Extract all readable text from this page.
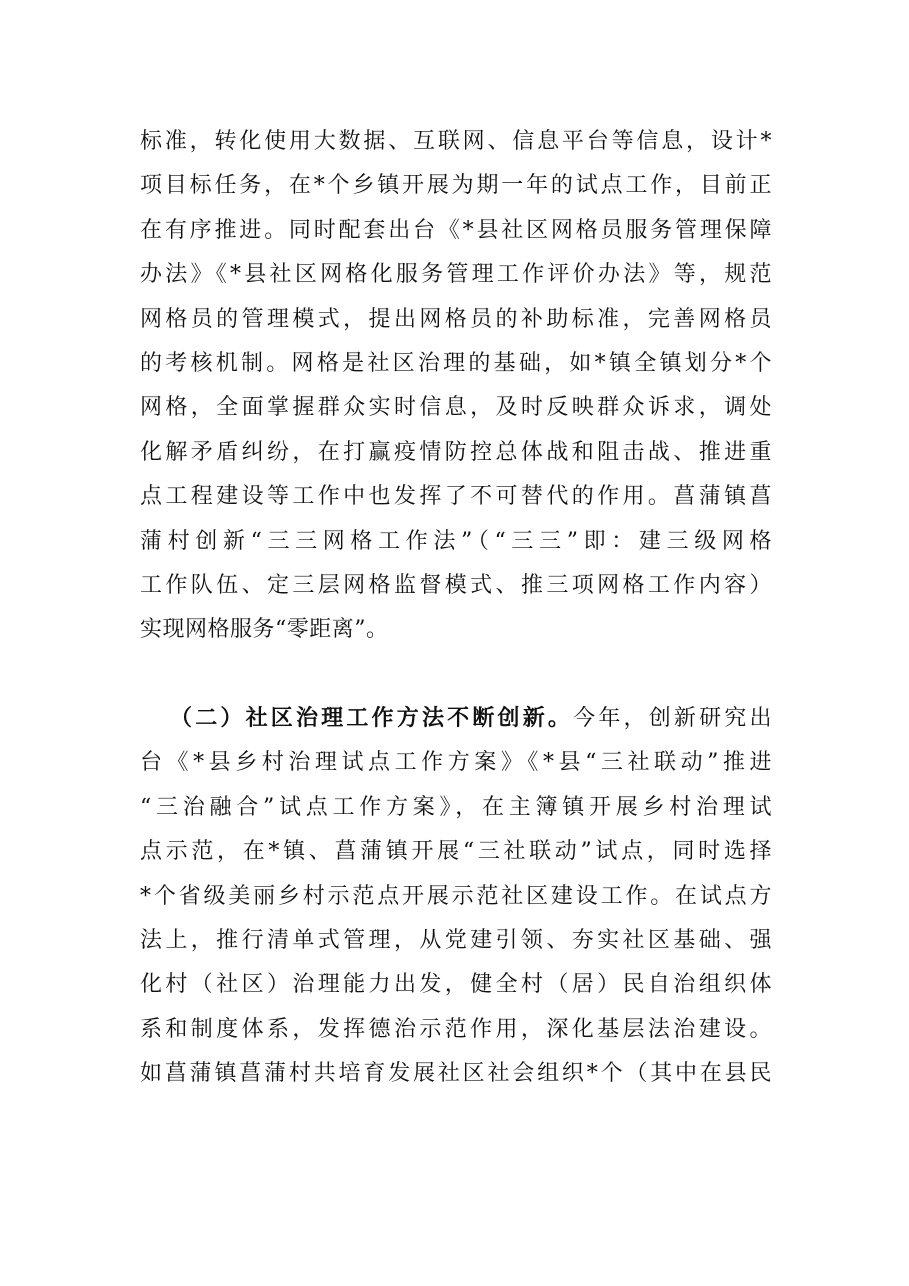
标准，转化使用大数据、互联网、信息平台等信息，设计*
项目标任务，在*个乡镇开展为期一年的试点工作，目前正
在有序推进。同时配套出台《*县社区网格员服务管理保障
办法》《*县社区网格化服务管理工作评价办法》等，规范
网格员的管理模式，提出网格员的补助标准，完善网格员
的考核机制。网格是社区治理的基础，如*镇全镇划分*个
网格，全面掌握群众实时信息，及时反映群众诉求，调处
化解矛盾纠纷，在打赢疫情防控总体战和阻击战、推进重
点工程建设等工作中也发挥了不可替代的作用。菖蒲镇菖
蒲村创新“三三网格工作法”（“三三”即：建三级网格
工作队伍、定三层网格监督模式、推三项网格工作内容）
实现网格服务“零距离”。
（二）社区治理工作方法不断创新。今年，创新研究出
台《*县乡村治理试点工作方案》《*县“三社联动”推进
“三治融合”试点工作方案》，在主簿镇开展乡村治理试
点示范，在*镇、菖蒲镇开展“三社联动”试点，同时选择
*个省级美丽乡村示范点开展示范社区建设工作。在试点方
法上，推行清单式管理，从党建引领、夯实社区基础、强
化村（社区）治理能力出发，健全村（居）民自治组织体
系和制度体系，发挥德治示范作用，深化基层法治建设。
如菖蒲镇菖蒲村共培育发展社区社会组织*个（其中在县民
